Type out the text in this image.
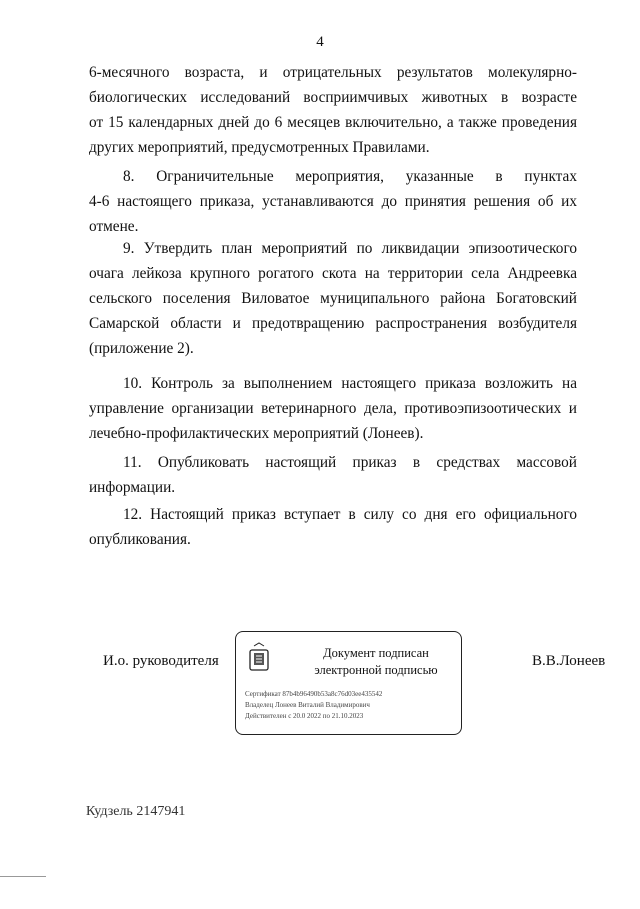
4
6-месячного возраста, и отрицательных результатов молекулярно-
биологических исследований восприимчивых животных в возрасте
от 15 календарных дней до 6 месяцев включительно, а также проведения
других мероприятий, предусмотренных Правилами.
8. Ограничительные мероприятия, указанные в пунктах
4-6 настоящего приказа, устанавливаются до принятия решения об их
отмене.
9. Утвердить план мероприятий по ликвидации эпизоотического
очага лейкоза крупного рогатого скота на территории села Андреевка
сельского поселения Виловатое муниципального района Богатовский
Самарской области и предотвращению распространения возбудителя
(приложение 2).
10. Контроль за выполнением настоящего приказа возложить на
управление организации ветеринарного дела, противоэпизоотических и
лечебно-профилактических мероприятий (Лонеев).
11. Опубликовать настоящий приказ в средствах массовой
информации.
12. Настоящий приказ вступает в силу со дня его официального
опубликования.
И.о. руководителя	Документ подписан
электронной подписью
Сертификат 87b4b96490b53a8c76d03ee435542
Владелец Лонеев Виталий Владимирович
Действителен с 20.0 2022 по 21.10.2023
В.В.Лонеев
Кудзель 2147941
